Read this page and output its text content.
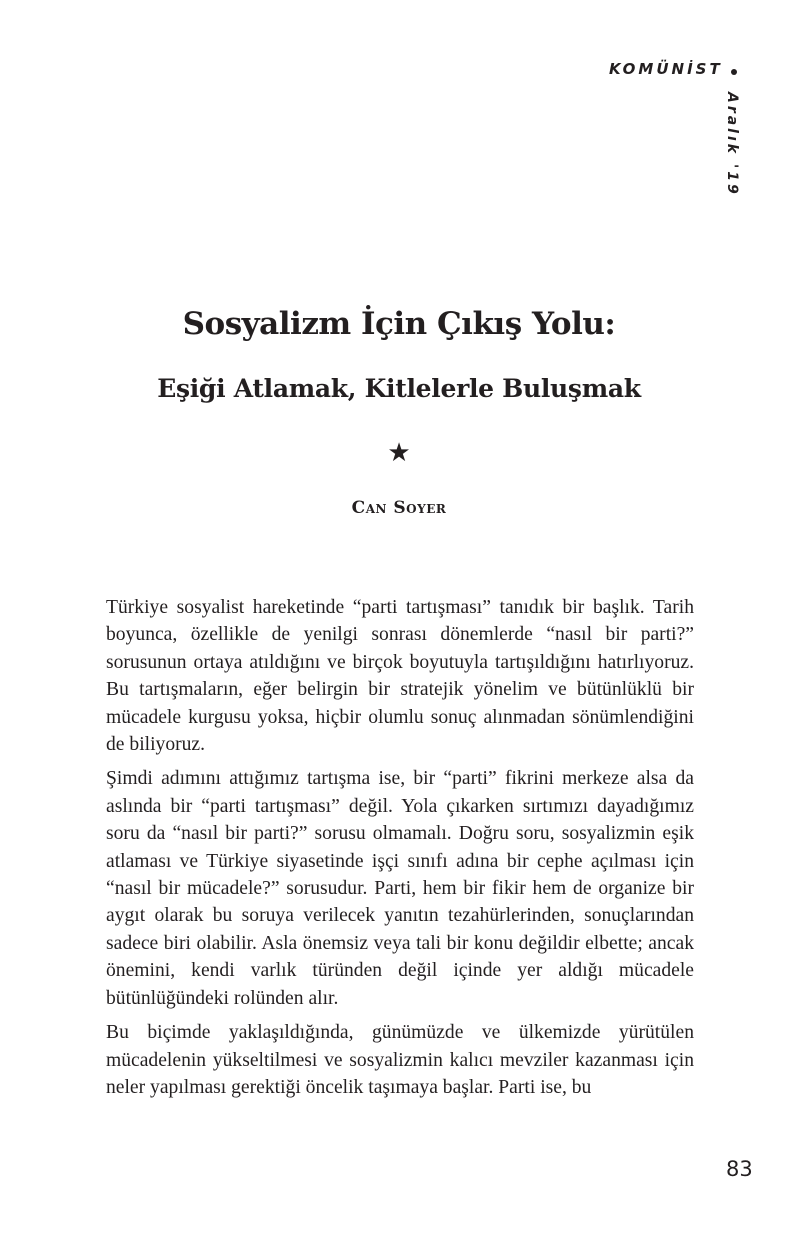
KOMÜNİST
Aralık '19
Sosyalizm İçin Çıkış Yolu:
Eşiği Atlamak, Kitlelerle Buluşmak
★
Can Soyer

Türkiye sosyalist hareketinde “parti tartışması” tanıdık bir başlık. Tarih boyunca, özellikle de yenilgi sonrası dönemlerde “nasıl bir parti?” sorusunun ortaya atıldığını ve birçok boyutuyla tartışıldığını hatırlıyoruz. Bu tartışmaların, eğer belirgin bir stratejik yönelim ve bütünlüklü bir mücadele kurgusu yoksa, hiçbir olumlu sonuç alınmadan sönümlendiğini de biliyoruz.

Şimdi adımını attığımız tartışma ise, bir “parti” fikrini merkeze alsa da aslında bir “parti tartışması” değil. Yola çıkarken sırtımızı dayadığımız soru da “nasıl bir parti?” sorusu olmamalı. Doğru soru, sosyalizmin eşik atlaması ve Türkiye siyasetinde işçi sınıfı adına bir cephe açılması için “nasıl bir mücadele?” sorusudur. Parti, hem bir fikir hem de organize bir aygıt olarak bu soruya verilecek yanıtın tezahürlerinden, sonuçlarından sadece biri olabilir. Asla önemsiz veya tali bir konu değildir elbette; ancak önemini, kendi varlık türünden değil içinde yer aldığı mücadele bütünlüğündeki rolünden alır.

Bu biçimde yaklaşıldığında, günümüzde ve ülkemizde yürütülen mücadelenin yükseltilmesi ve sosyalizmin kalıcı mevziler kazanması için neler yapılması gerektiği öncelik taşımaya başlar. Parti ise, bu

83
